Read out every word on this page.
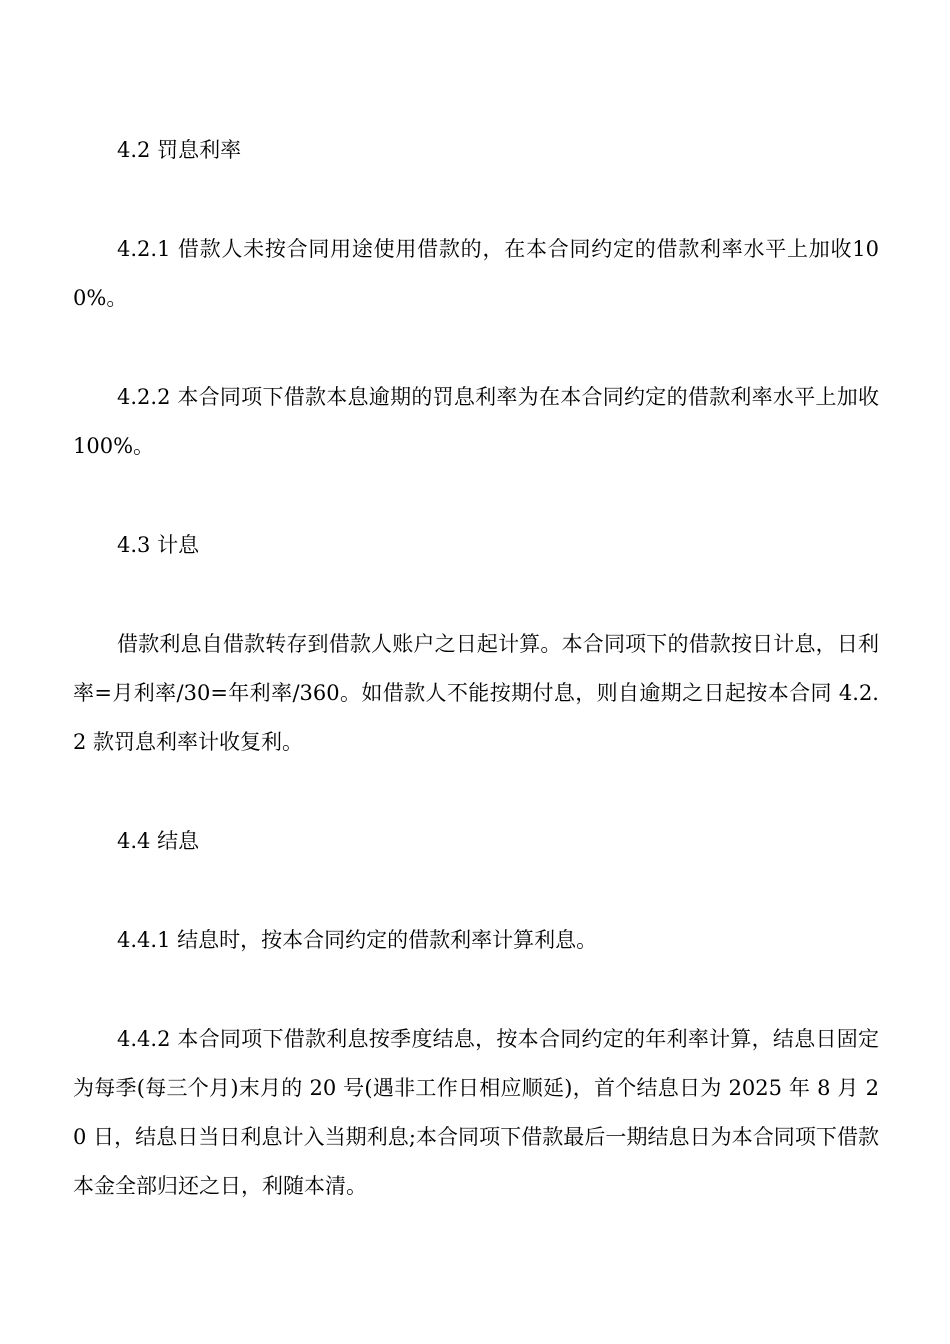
4.2 罚息利率

4.2.1 借款人未按合同用途使用借款的，在本合同约定的借款利率水平上加收100%。

4.2.2 本合同项下借款本息逾期的罚息利率为在本合同约定的借款利率水平上加收 100%。

4.3 计息

借款利息自借款转存到借款人账户之日起计算。本合同项下的借款按日计息，日利率=月利率/30=年利率/360。如借款人不能按期付息，则自逾期之日起按本合同 4.2.2 款罚息利率计收复利。

4.4 结息

4.4.1 结息时，按本合同约定的借款利率计算利息。

4.4.2 本合同项下借款利息按季度结息，按本合同约定的年利率计算，结息日固定为每季(每三个月)末月的 20 号(遇非工作日相应顺延)，首个结息日为 2025 年 8 月 20 日，结息日当日利息计入当期利息;本合同项下借款最后一期结息日为本合同项下借款本金全部归还之日，利随本清。
